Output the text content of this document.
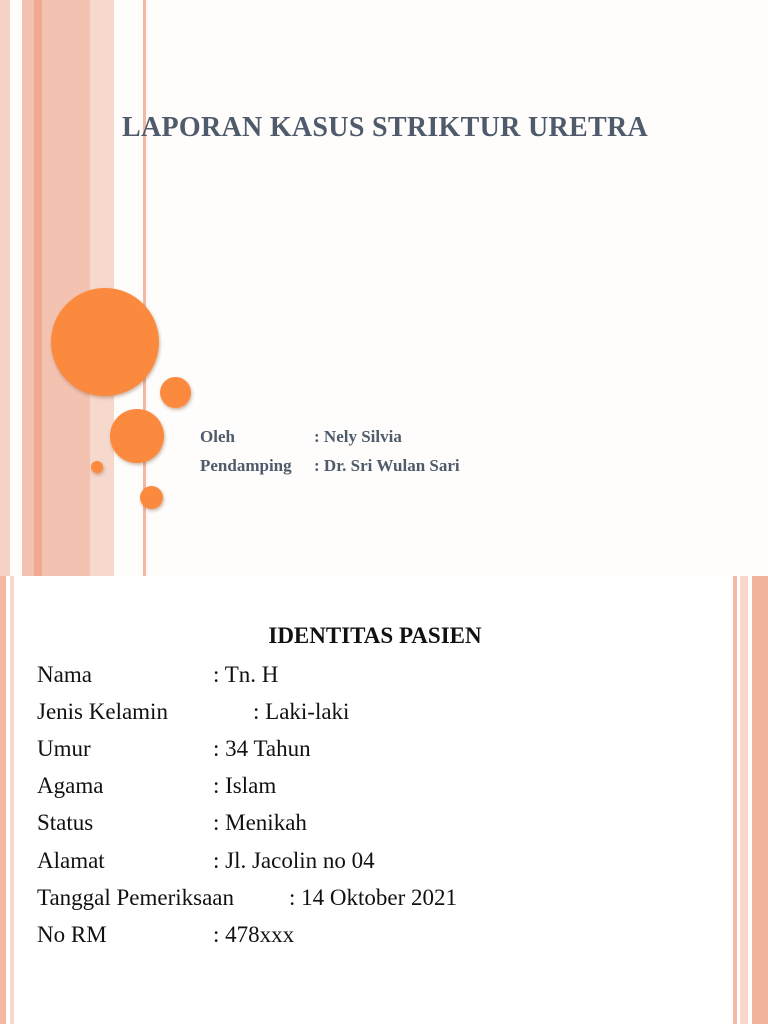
LAPORAN KASUS STRIKTUR URETRA
Oleh	: Nely Silvia
Pendamping : Dr. Sri Wulan Sari
IDENTITAS PASIEN
Nama	: Tn. H
Jenis Kelamin	: Laki-laki
Umur	: 34 Tahun
Agama	: Islam
Status	: Menikah
Alamat	: Jl. Jacolin no 04
Tanggal Pemeriksaan : 14 Oktober 2021
No RM	: 478xxx
